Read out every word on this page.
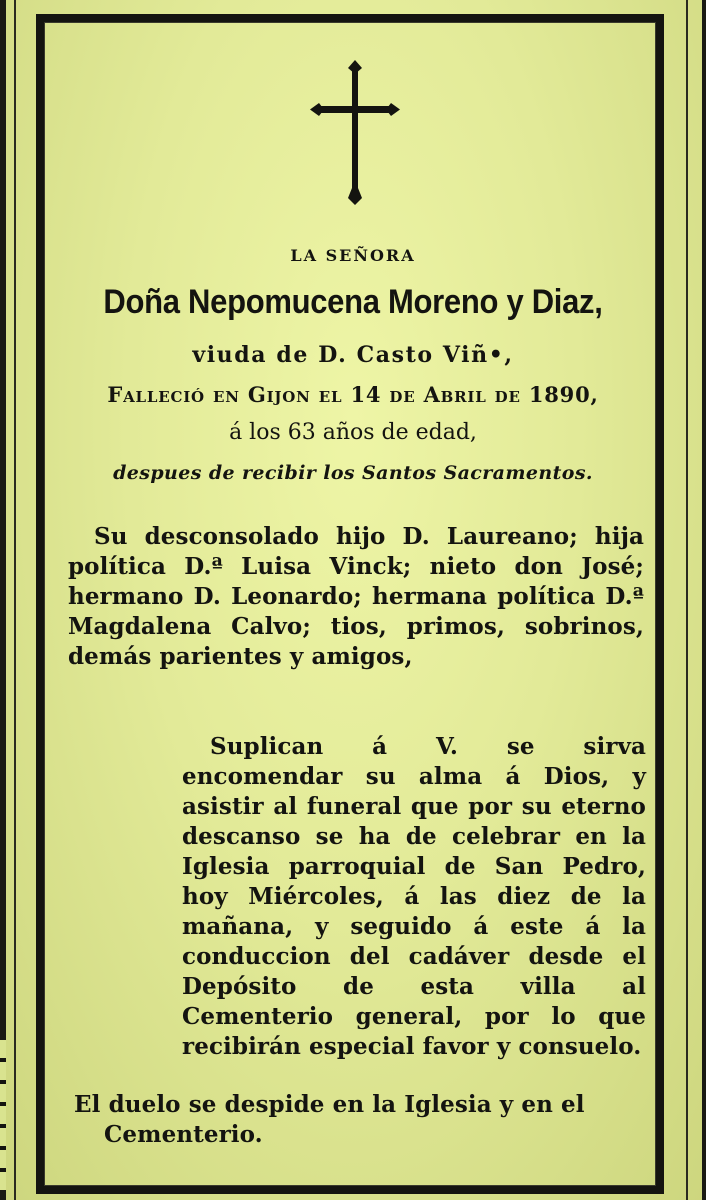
LA SEÑORA
Doña Nepomucena Moreno y Diaz,
viuda de D. Casto Viñ•,
Falleció en Gijon el 14 de Abril de 1890,
á los 63 años de edad,
despues de recibir los Santos Sacramentos.
Su desconsolado hijo D. Laureano; hija política D.ª Luisa Vinck; nieto don José; hermano D. Leonardo; hermana política D.ª Magdalena Calvo; tios, primos, sobrinos, demás parientes y amigos,
Suplican á V. se sirva encomendar su alma á Dios, y asistir al funeral que por su eterno descanso se ha de celebrar en la Iglesia parroquial de San Pedro, hoy Miércoles, á las diez de la mañana, y seguido á este á la conduccion del cadáver desde el Depósito de esta villa al Cementerio general, por lo que recibirán especial favor y consuelo.
El duelo se despide en la Iglesia y en el
Cementerio.
